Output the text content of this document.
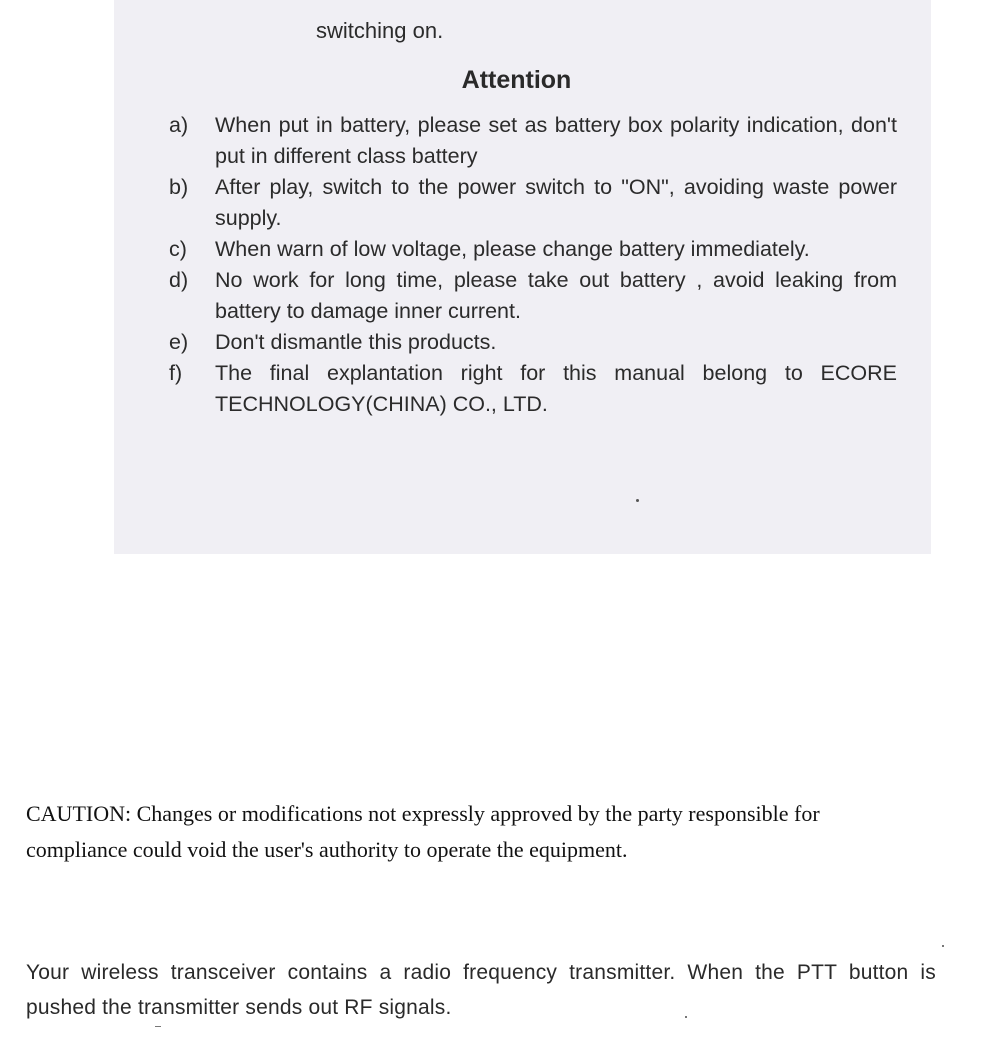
switching on.
Attention
a) When put in battery, please set as battery box polarity indication, don't put in different class battery
b) After play, switch to the power switch to "ON", avoiding waste power supply.
c) When warn of low voltage, please change battery immediately.
d) No work for long time, please take out battery , avoid leaking from battery to damage inner current.
e) Don't dismantle this products.
f) The final explantation right for this manual belong to ECORE TECHNOLOGY(CHINA) CO., LTD.
CAUTION: Changes or modifications not expressly approved by the party responsible for compliance could void the user's authority to operate the equipment.
Your wireless transceiver contains a radio frequency transmitter. When the PTT button is pushed the transmitter sends out RF signals.
